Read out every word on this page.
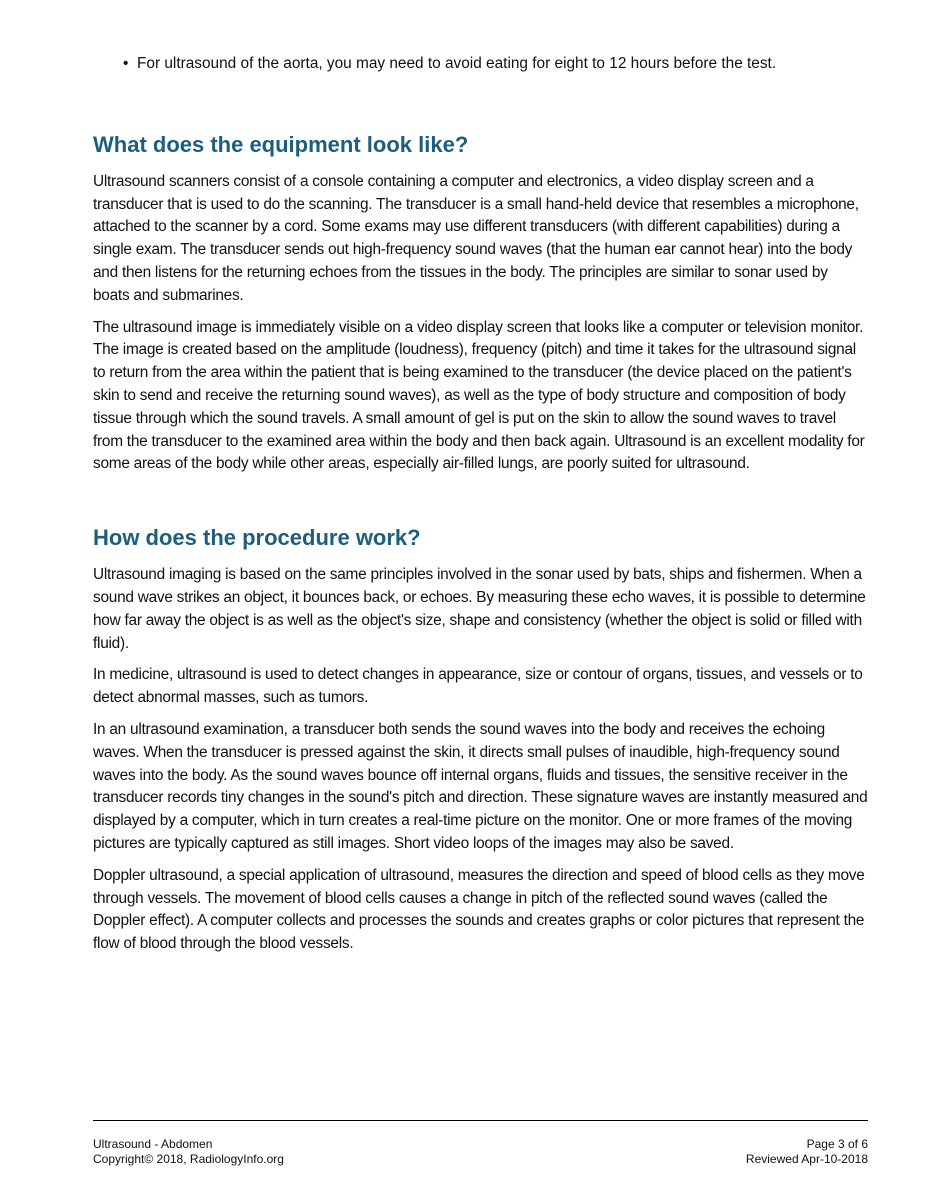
• For ultrasound of the aorta, you may need to avoid eating for eight to 12 hours before the test.
What does the equipment look like?

Ultrasound scanners consist of a console containing a computer and electronics, a video display screen and a transducer that is used to do the scanning. The transducer is a small hand-held device that resembles a microphone, attached to the scanner by a cord. Some exams may use different transducers (with different capabilities) during a single exam. The transducer sends out high-frequency sound waves (that the human ear cannot hear) into the body and then listens for the returning echoes from the tissues in the body. The principles are similar to sonar used by boats and submarines.

The ultrasound image is immediately visible on a video display screen that looks like a computer or television monitor. The image is created based on the amplitude (loudness), frequency (pitch) and time it takes for the ultrasound signal to return from the area within the patient that is being examined to the transducer (the device placed on the patient's skin to send and receive the returning sound waves), as well as the type of body structure and composition of body tissue through which the sound travels. A small amount of gel is put on the skin to allow the sound waves to travel from the transducer to the examined area within the body and then back again. Ultrasound is an excellent modality for some areas of the body while other areas, especially air-filled lungs, are poorly suited for ultrasound.

How does the procedure work?

Ultrasound imaging is based on the same principles involved in the sonar used by bats, ships and fishermen. When a sound wave strikes an object, it bounces back, or echoes. By measuring these echo waves, it is possible to determine how far away the object is as well as the object's size, shape and consistency (whether the object is solid or filled with fluid).

In medicine, ultrasound is used to detect changes in appearance, size or contour of organs, tissues, and vessels or to detect abnormal masses, such as tumors.

In an ultrasound examination, a transducer both sends the sound waves into the body and receives the echoing waves. When the transducer is pressed against the skin, it directs small pulses of inaudible, high-frequency sound waves into the body. As the sound waves bounce off internal organs, fluids and tissues, the sensitive receiver in the transducer records tiny changes in the sound's pitch and direction. These signature waves are instantly measured and displayed by a computer, which in turn creates a real-time picture on the monitor. One or more frames of the moving pictures are typically captured as still images. Short video loops of the images may also be saved.

Doppler ultrasound, a special application of ultrasound, measures the direction and speed of blood cells as they move through vessels. The movement of blood cells causes a change in pitch of the reflected sound waves (called the Doppler effect). A computer collects and processes the sounds and creates graphs or color pictures that represent the flow of blood through the blood vessels.

Ultrasound - Abdomen	Page 3 of 6
Copyright© 2018, RadiologyInfo.org	Reviewed Apr-10-2018
